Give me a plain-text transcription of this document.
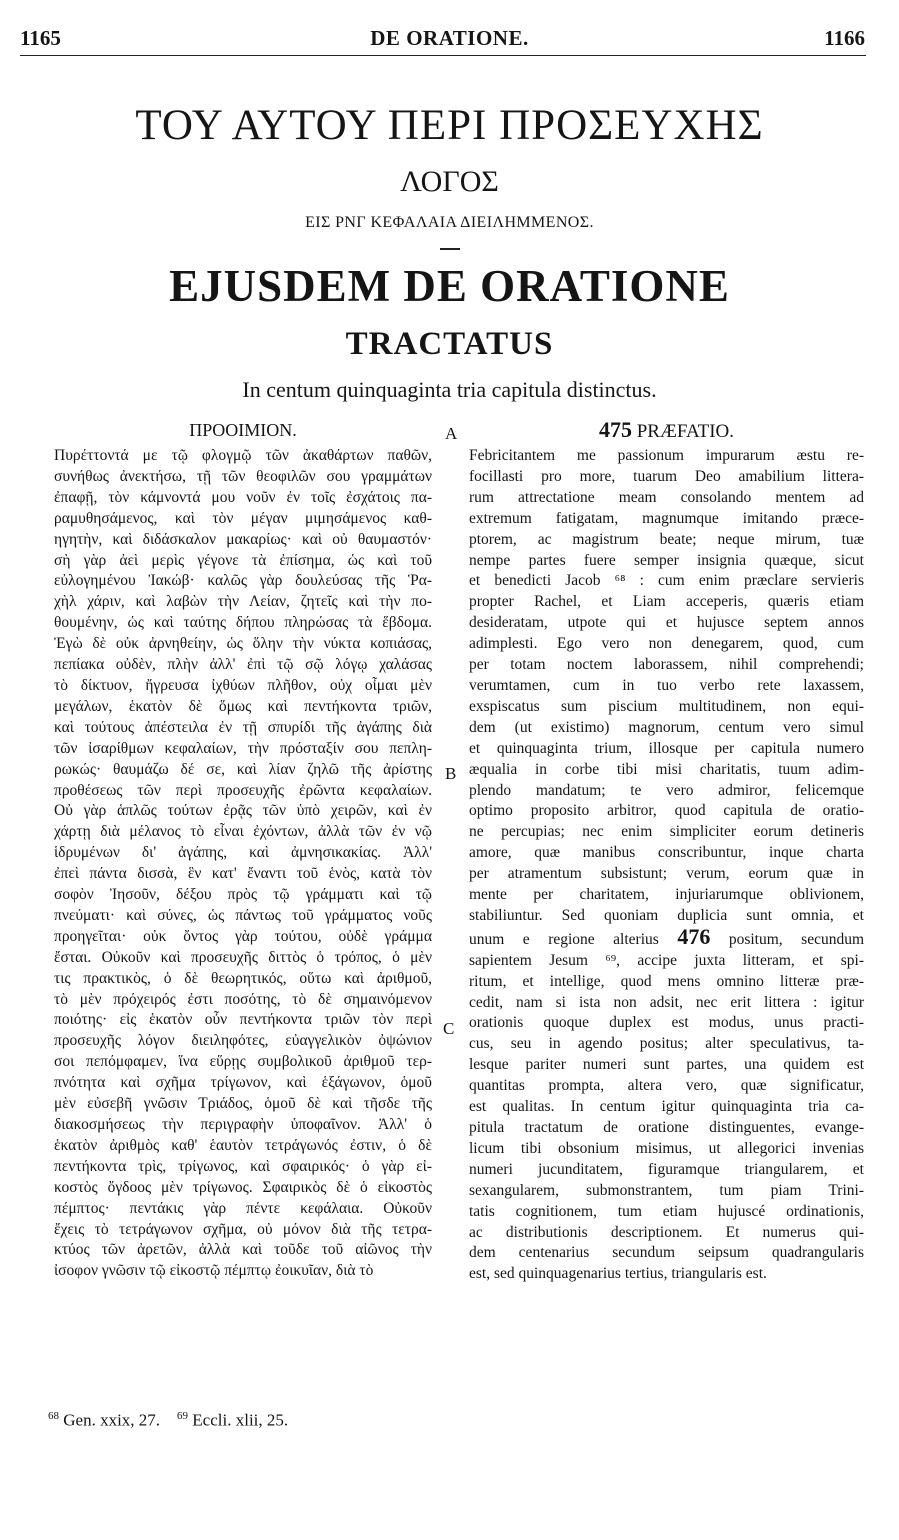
1165	DE ORATIONE.	1166
ΤΟΥ ΑΥΤΟΥ ΠΕΡΙ ΠΡΟΣΕΥΧΗΣ
ΛΟΓΟΣ
ΕΙΣ ΡΝΓ ΚΕΦΑΛΑΙΑ ΔΙΕΙΛΗΜΜΕΝΟΣ.
EJUSDEM DE ORATIONE
TRACTATUS
In centum quinquaginta tria capitula distinctus.
ΠΡΟΟΙΜΙΟΝ.
Πυρέττοντά με τῷ φλογμῷ τῶν ἀκαθάρτων παθῶν,
συνήθως ἀνεκτήσω, τῇ τῶν θεοφιλῶν σου γραμμάτων
ἐπαφῇ, τὸν κάμνοντά μου νοῦν ἐν τοῖς ἐσχάτοις πα-
ραμυθησάμενος, καὶ τὸν μέγαν μιμησάμενος καθ-
ηγητὴν, καὶ διδάσκαλον μακαρίως· καὶ οὐ θαυμαστόν·
σὴ γὰρ ἀεὶ μερὶς γέγονε τὰ ἐπίσημα, ὡς καὶ τοῦ
εὐλογημένου Ἰακώβ· καλῶς γὰρ δουλεύσας τῆς Ῥα-
χὴλ χάριν, καὶ λαβὼν τὴν Λείαν, ζητεῖς καὶ τὴν πο-
θουμένην, ὡς καὶ ταύτης δήπου πληρώσας τὰ ἕβδομα.
Ἐγὼ δὲ οὐκ ἀρνηθείην, ὡς ὅλην τὴν νύκτα κοπιάσας,
πεπίακα οὐδὲν, πλὴν ἀλλ' ἐπὶ τῷ σῷ λόγῳ χαλάσας
τὸ δίκτυον, ἤγρευσα ἰχθύων πλῆθον, οὐχ οἶμαι μὲν
μεγάλων, ἑκατὸν δὲ ὅμως καὶ πεντήκοντα τριῶν,
καὶ τούτους ἀπέστειλα ἐν τῇ σπυρίδι τῆς ἀγάπης διὰ
τῶν ἰσαρίθμων κεφαλαίων, τὴν πρόσταξίν σου πεπλη-
ρωκώς· θαυμάζω δέ σε, καὶ λίαν ζηλῶ τῆς ἀρίστης
προθέσεως τῶν περὶ προσευχῆς ἐρῶντα κεφαλαίων.
Οὐ γὰρ ἁπλῶς τούτων ἐρᾷς τῶν ὑπὸ χειρῶν, καὶ ἐν
χάρτῃ διὰ μέλανος τὸ εἶναι ἐχόντων, ἀλλὰ τῶν ἐν νῷ
ἱδρυμένων δι' ἀγάπης, καὶ ἀμνησικακίας. Ἀλλ'
ἐπεὶ πάντα δισσὰ, ἓν κατ' ἔναντι τοῦ ἑνὸς, κατὰ τὸν
σοφὸν Ἰησοῦν, δέξου πρὸς τῷ γράμματι καὶ τῷ
πνεύματι· καὶ σύνες, ὡς πάντως τοῦ γράμματος νοῦς
προηγεῖται· οὐκ ὄντος γὰρ τούτου, οὐδὲ γράμμα
ἔσται. Οὐκοῦν καὶ προσευχῆς διττὸς ὁ τρόπος, ὁ μὲν
τις πρακτικὸς, ὁ δὲ θεωρητικός, οὕτω καὶ ἀριθμοῦ,
τὸ μὲν πρόχειρός ἐστι ποσότης, τὸ δὲ σημαινόμενον
ποιότης· εἰς ἑκατὸν οὖν πεντήκοντα τριῶν τὸν περὶ
προσευχῆς λόγον διειληφότες, εὐαγγελικὸν ὀψώνιον
σοι πεπόμφαμεν, ἵνα εὕρῃς συμβολικοῦ ἀριθμοῦ τερ-
πνότητα καὶ σχῆμα τρίγωνον, καὶ ἑξάγωνον, ὁμοῦ
μὲν εὐσεβῆ γνῶσιν Τριάδος, ὁμοῦ δὲ καὶ τῆσδε τῆς
διακοσμήσεως τὴν περιγραφὴν ὑποφαῖνον. Ἀλλ' ὁ
ἑκατὸν ἀριθμὸς καθ' ἑαυτὸν τετράγωνός ἐστιν, ὁ δὲ
πεντήκοντα τρὶς, τρίγωνος, καὶ σφαιρικός· ὁ γὰρ εἰ-
κοστὸς ὄγδοος μὲν τρίγωνος. Σφαιρικὸς δὲ ὁ εἰκοστὸς
πέμπτος· πεντάκις γὰρ πέντε κεφάλαια. Οὐκοῦν
ἔχεις τὸ τετράγωνον σχῆμα, οὐ μόνον διὰ τῆς τετρα-
κτύος τῶν ἀρετῶν, ἀλλὰ καὶ τοῦδε τοῦ αἰῶνος τὴν
ἰσοφον γνῶσιν τῷ εἰκοστῷ πέμπτῳ ἐοικυῖαν, διὰ τὸ
475 PRÆFATIO.
Febricitantem me passionum impurarum æstu re-
focillasti pro more, tuarum Deo amabilium littera-
rum attrectatione meam consolando mentem ad
extremum fatigatam, magnumque imitando præce-
ptorem, ac magistrum beate; neque mirum, tuæ
nempe partes fuere semper insignia quæque, sicut
et benedicti Jacob ⁶⁸ : cum enim præclare servieris
propter Rachel, et Liam acceperis, quæris etiam
desideratam, utpote qui et hujusce septem annos
adimplesti. Ego vero non denegarem, quod, cum
per totam noctem laborassem, nihil comprehendi;
verumtamen, cum in tuo verbo rete laxassem,
exspiscatus sum piscium multitudinem, non equi-
dem (ut existimo) magnorum, centum vero simul
et quinquaginta trium, illosque per capitula numero
æqualia in corbe tibi misi charitatis, tuum adim-
plendo mandatum; te vero admiror, felicemque
optimo proposito arbitror, quod capitula de oratio-
ne percupias; nec enim simpliciter eorum detineris
amore, quæ manibus conscribuntur, inque charta
per atramentum subsistunt; verum, eorum quæ in
mente per charitatem, injuriarumque oblivionem,
stabiliuntur. Sed quoniam duplicia sunt omnia, et
unum e regione alterius 476 positum, secundum
sapientem Jesum ⁶⁹, accipe juxta litteram, et spi-
ritum, et intellige, quod mens omnino litteræ præ-
cedit, nam si ista non adsit, nec erit littera : igitur
orationis quoque duplex est modus, unus practi-
cus, seu in agendo positus; alter speculativus, ta-
lesque pariter numeri sunt partes, una quidem est
quantitas prompta, altera vero, quæ significatur,
est qualitas. In centum igitur quinquaginta tria ca-
pitula tractatum de oratione distinguentes, evange-
licum tibi obsonium misimus, ut allegorici invenias
numeri jucunditatem, figuramque triangularem, et
sexangularem, submonstrantem, tum piam Trini-
tatis cognitionem, tum etiam hujuscé ordinationis,
ac distributionis descriptionem. Et numerus qui-
dem centenarius secundum seipsum quadrangularis
est, sed quinquagenarius tertius, triangularis est.
A
B
C
$^{68}$ Gen. xxix, 27. $^{69}$ Eccli. xlii, 25.
